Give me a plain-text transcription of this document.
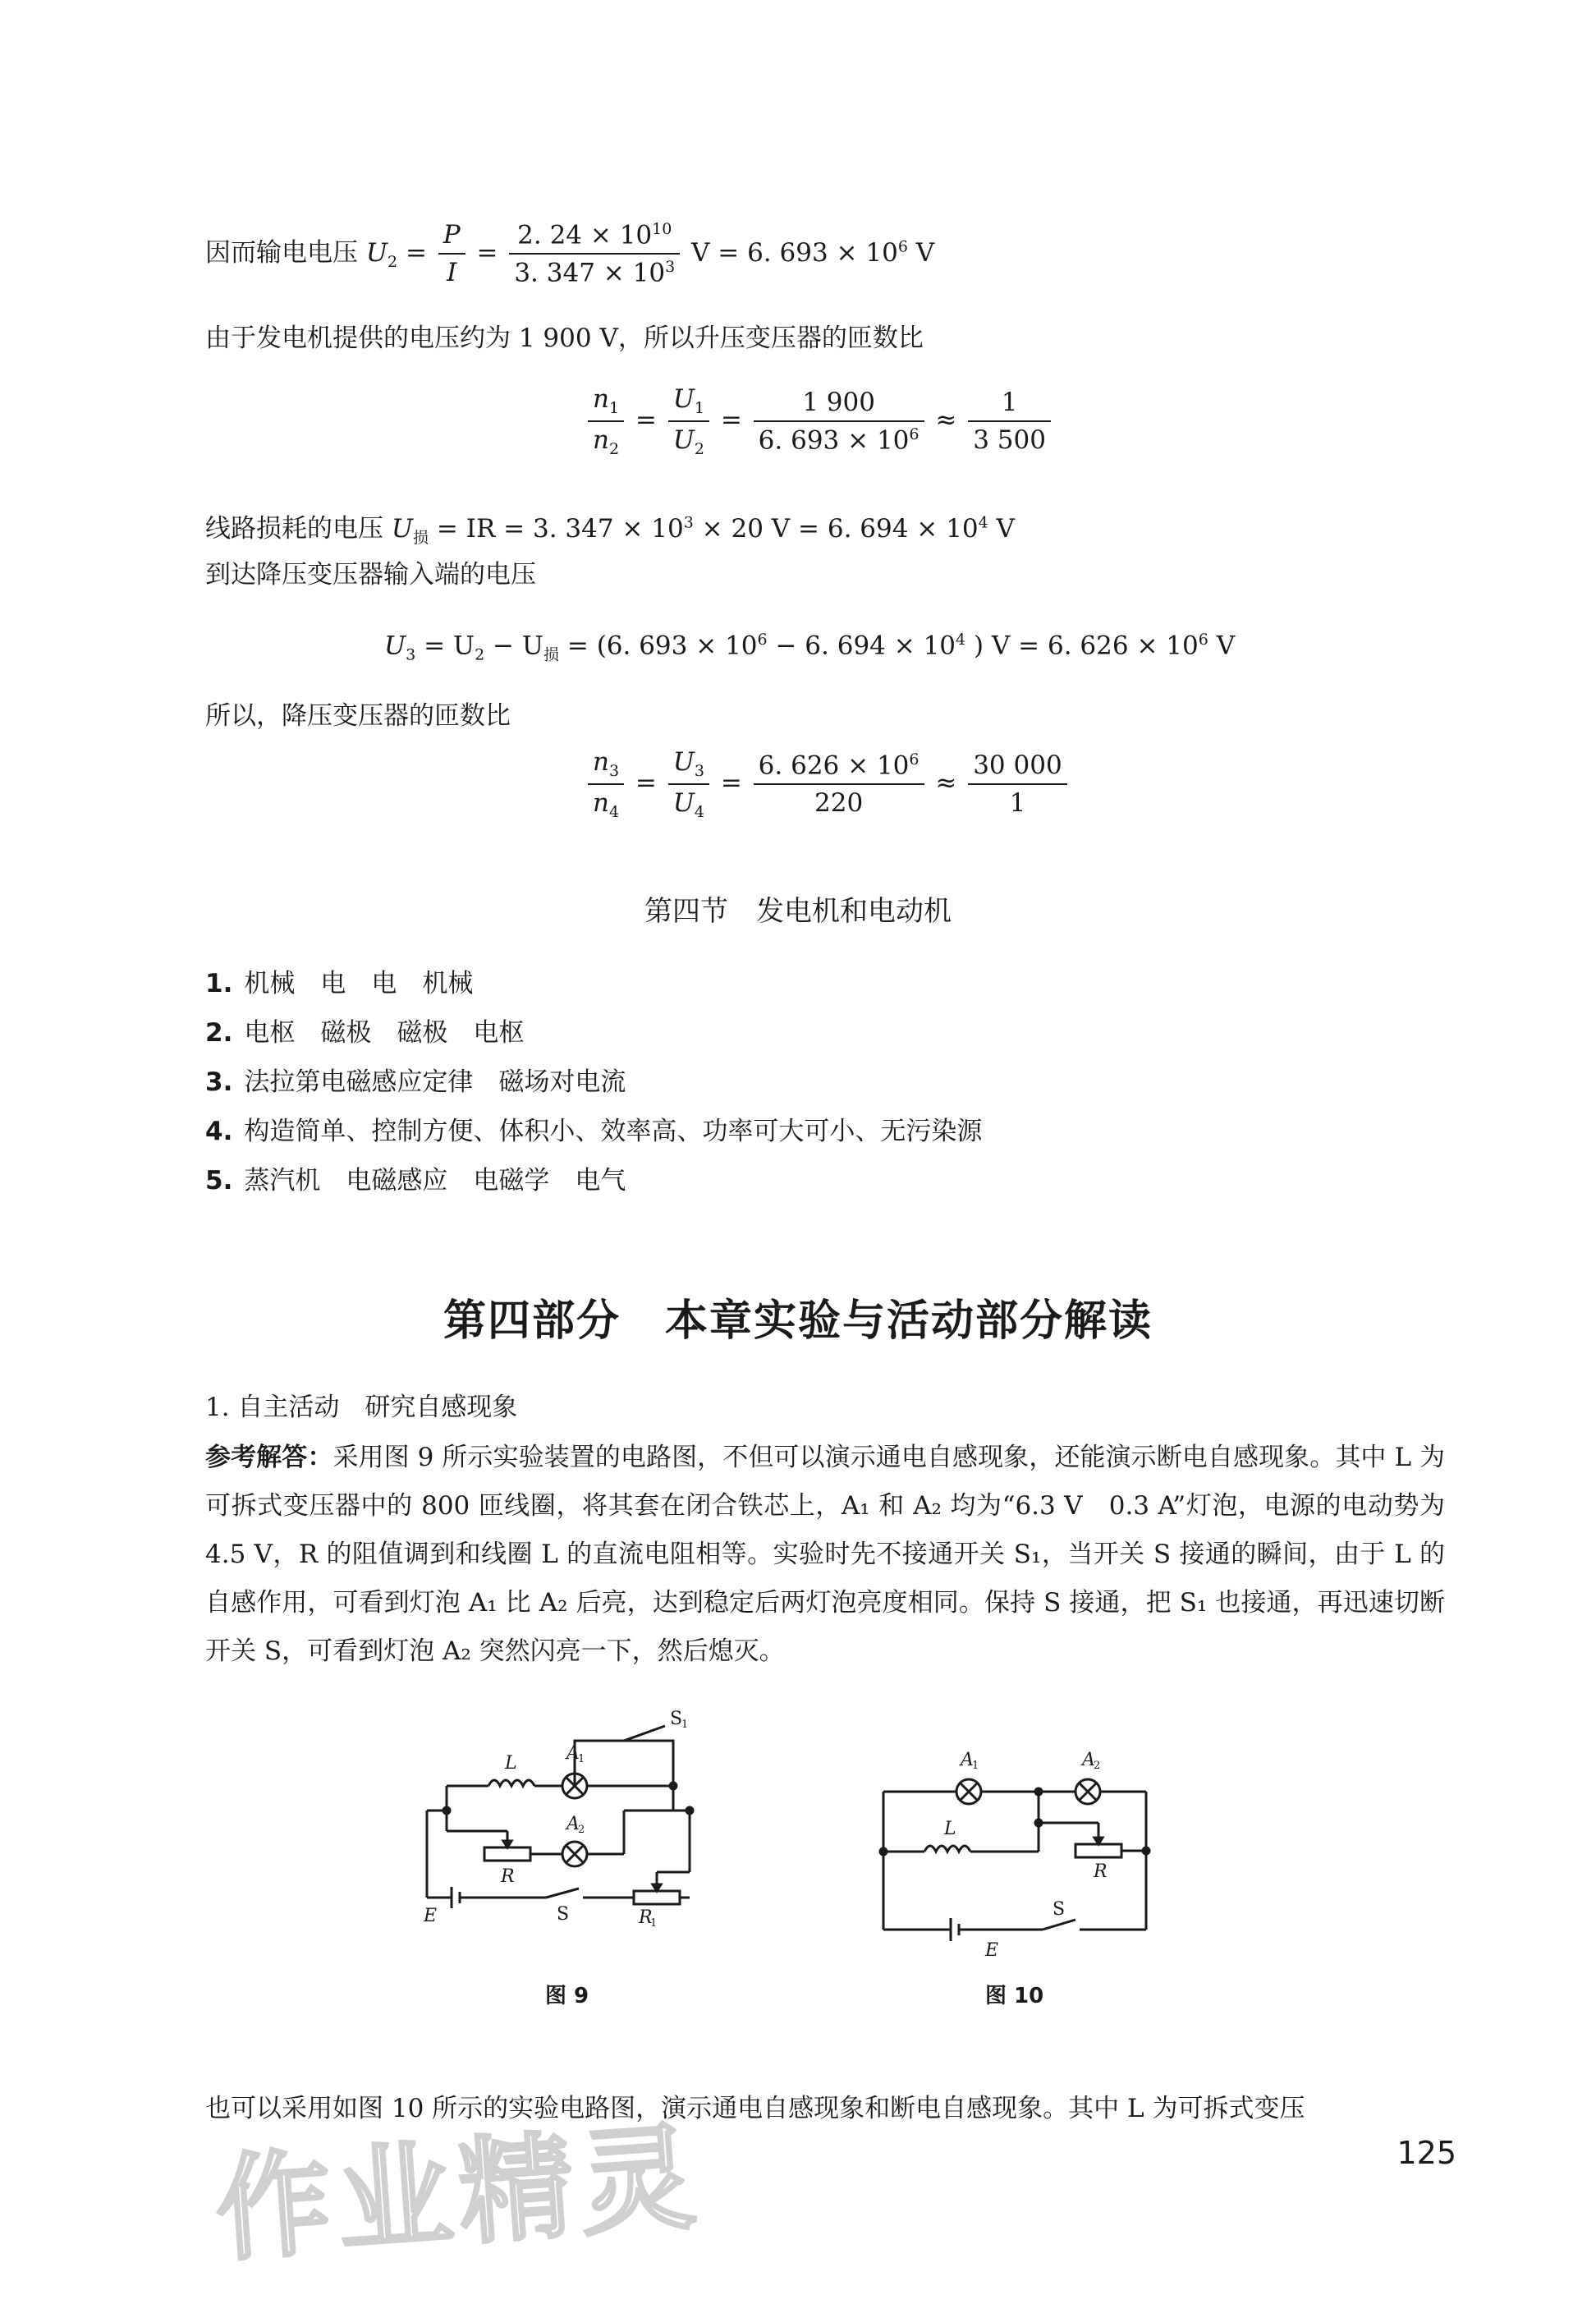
因而输电电压 $U_2 = \frac{P}{I} = \frac{2. 24 \times 10^{10}}{3. 347 \times 10^3}$ V = 6. $693 \times 10^6$ V
由于发电机提供的电压约为 1 900 V，所以升压变压器的匝数比
$\frac{n_1}{n_2} = \frac{U_1}{U_2} = \frac{1 900}{6. 693 \times 10^6} \approx \frac{1}{3 500}$
线路损耗的电压 $U_损$ = IR = 3. $347 \times 10^3 \times 20$ V = 6. $694 \times 10^4$ V
到达降压变压器输入端的电压
$U_3 = U_2 - U_损 = (6$. $693 \times 10^6 - 6$. $694 \times 10^4$ ) V = 6. $626 \times 10^6$ V
所以，降压变压器的匝数比
$\frac{n_3}{n_4} = \frac{U_3}{U_4} = \frac{6. 626 \times 10^6}{220} \approx \frac{30 000}{1}$
第四节　发电机和电动机
1. 机械　电　电　机械
2. 电枢　磁极　磁极　电枢
3. 法拉第电磁感应定律　磁场对电流
4. 构造简单、控制方便、体积小、效率高、功率可大可小、无污染源
5. 蒸汽机　电磁感应　电磁学　电气
第四部分　本章实验与活动部分解读
1. 自主活动　研究自感现象
参考解答：采用图 9 所示实验装置的电路图，不但可以演示通电自感现象，还能演示断电自感现象。其中 L 为可拆式变压器中的 800 匝线圈，将其套在闭合铁芯上，A₁ 和 A₂ 均为“6.3 V　0.3 A”灯泡，电源的电动势为 4.5 V，R 的阻值调到和线圈 L 的直流电阻相等。实验时先不接通开关 S₁，当开关 S 接通的瞬间，由于 L 的自感作用，可看到灯泡 A₁ 比 A₂ 后亮，达到稳定后两灯泡亮度相同。保持 S 接通，把 S₁ 也接通，再迅速切断开关 S，可看到灯泡 A₂ 突然闪亮一下，然后熄灭。
L	A
1
A
2
R
R
1
E	S
S
1
图 9
A
1	A
2
L
R
E
S
图 10
也可以采用如图 10 所示的实验电路图，演示通电自感现象和断电自感现象。其中 L 为可拆式变压
作业精灵	125
